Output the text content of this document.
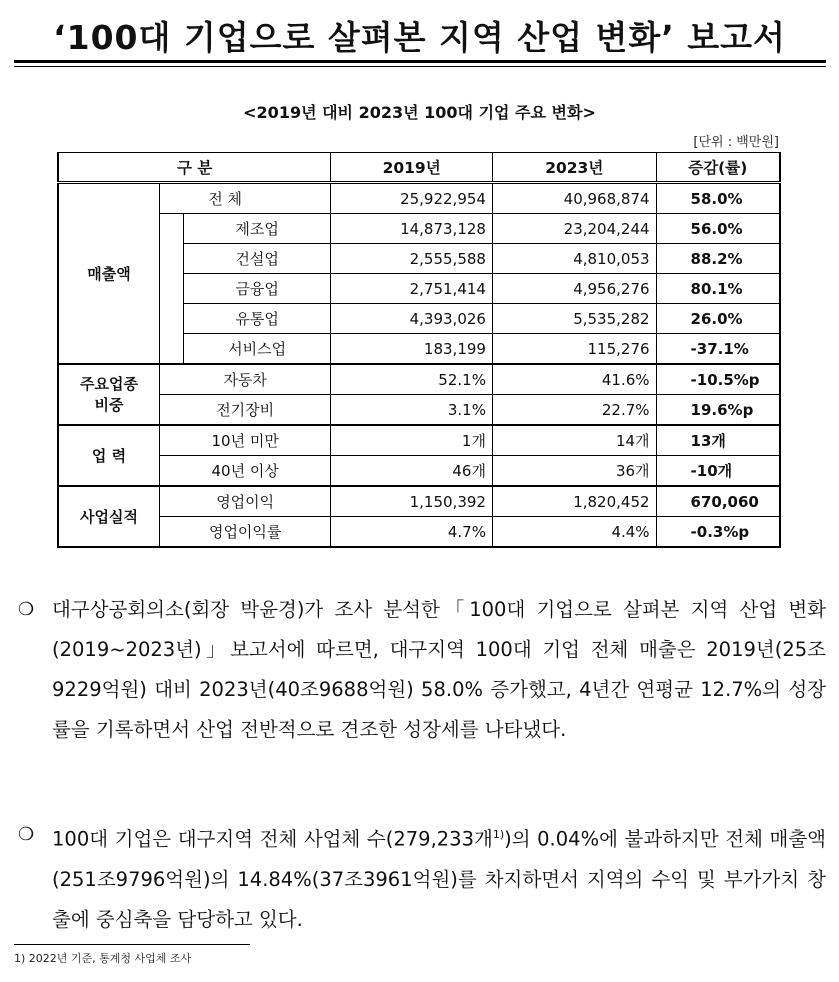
‘100대 기업으로 살펴본 지역 산업 변화’ 보고서
<2019년 대비 2023년 100대 기업 주요 변화>
[단위 : 백만원]
구 분			2019년	2023년	증감(률)
매출액	전 체		25,922,954	40,968,874	58.0%
		제조업	14,873,128	23,204,244	56.0%
		건설업	2,555,588	4,810,053	88.2%
		금융업	2,751,414	4,956,276	80.1%
		유통업	4,393,026	5,535,282	26.0%
		서비스업	183,199	115,276	-37.1%
주요업종
비중	자동차		52.1%	41.6%	-10.5%p
	전기장비		3.1%	22.7%	19.6%p
업 력	10년 미만		1개	14개	13개
	40년 이상		46개	36개	-10개
사업실적	영업이익		1,150,392	1,820,452	670,060
	영업이익률		4.7%	4.4%	-0.3%p
❍ 대구상공회의소(회장 박윤경)가 조사 분석한「100대 기업으로 살펴본 지역 산업 변화(2019~2023년)」보고서에 따르면, 대구지역 100대 기업 전체 매출은 2019년(25조9229억원) 대비 2023년(40조9688억원) 58.0% 증가했고, 4년간 연평균 12.7%의 성장률을 기록하면서 산업 전반적으로 견조한 성장세를 나타냈다.
❍ 100대 기업은 대구지역 전체 사업체 수(279,233개$^{1)}$)의 0.04%에 불과하지만 전체 매출액(251조9796억원)의 14.84%(37조3961억원)를 차지하면서 지역의 수익 및 부가가치 창출에 중심축을 담당하고 있다.
1) 2022년 기준, 통계청 사업체 조사
